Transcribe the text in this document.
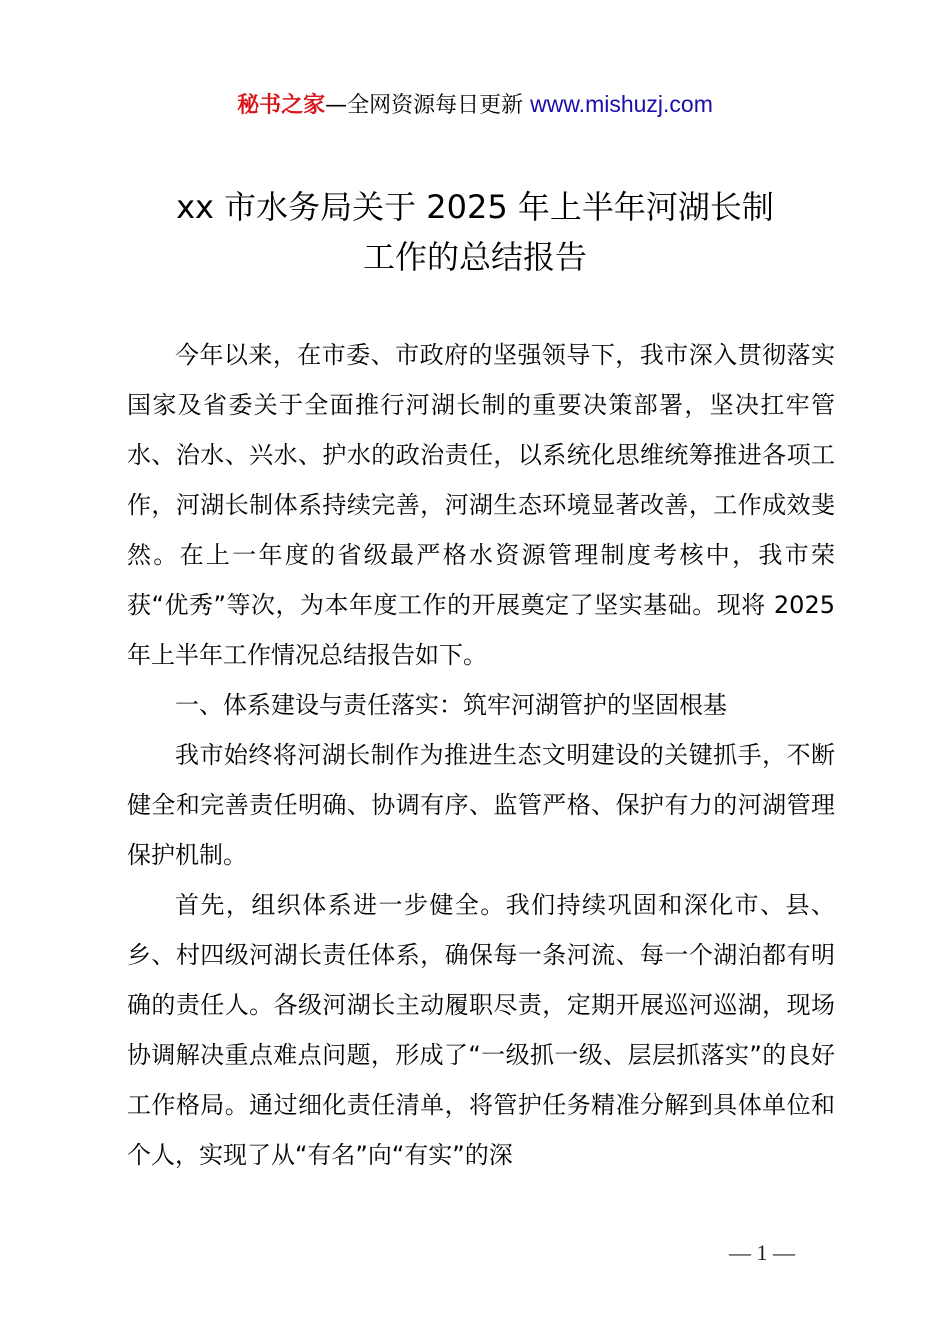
秘书之家—全网资源每日更新 www.mishuzj.com
xx 市水务局关于 2025 年上半年河湖长制
工作的总结报告

今年以来，在市委、市政府的坚强领导下，我市深入贯彻落实国家及省委关于全面推行河湖长制的重要决策部署，坚决扛牢管水、治水、兴水、护水的政治责任，以系统化思维统筹推进各项工作，河湖长制体系持续完善，河湖生态环境显著改善，工作成效斐然。在上一年度的省级最严格水资源管理制度考核中，我市荣获“优秀”等次，为本年度工作的开展奠定了坚实基础。现将 2025 年上半年工作情况总结报告如下。

一、体系建设与责任落实：筑牢河湖管护的坚固根基

我市始终将河湖长制作为推进生态文明建设的关键抓手，不断健全和完善责任明确、协调有序、监管严格、保护有力的河湖管理保护机制。

首先，组织体系进一步健全。我们持续巩固和深化市、县、乡、村四级河湖长责任体系，确保每一条河流、每一个湖泊都有明确的责任人。各级河湖长主动履职尽责，定期开展巡河巡湖，现场协调解决重点难点问题，形成了“一级抓一级、层层抓落实”的良好工作格局。通过细化责任清单，将管护任务精准分解到具体单位和个人，实现了从“有名”向“有实”的深

— 1 —
